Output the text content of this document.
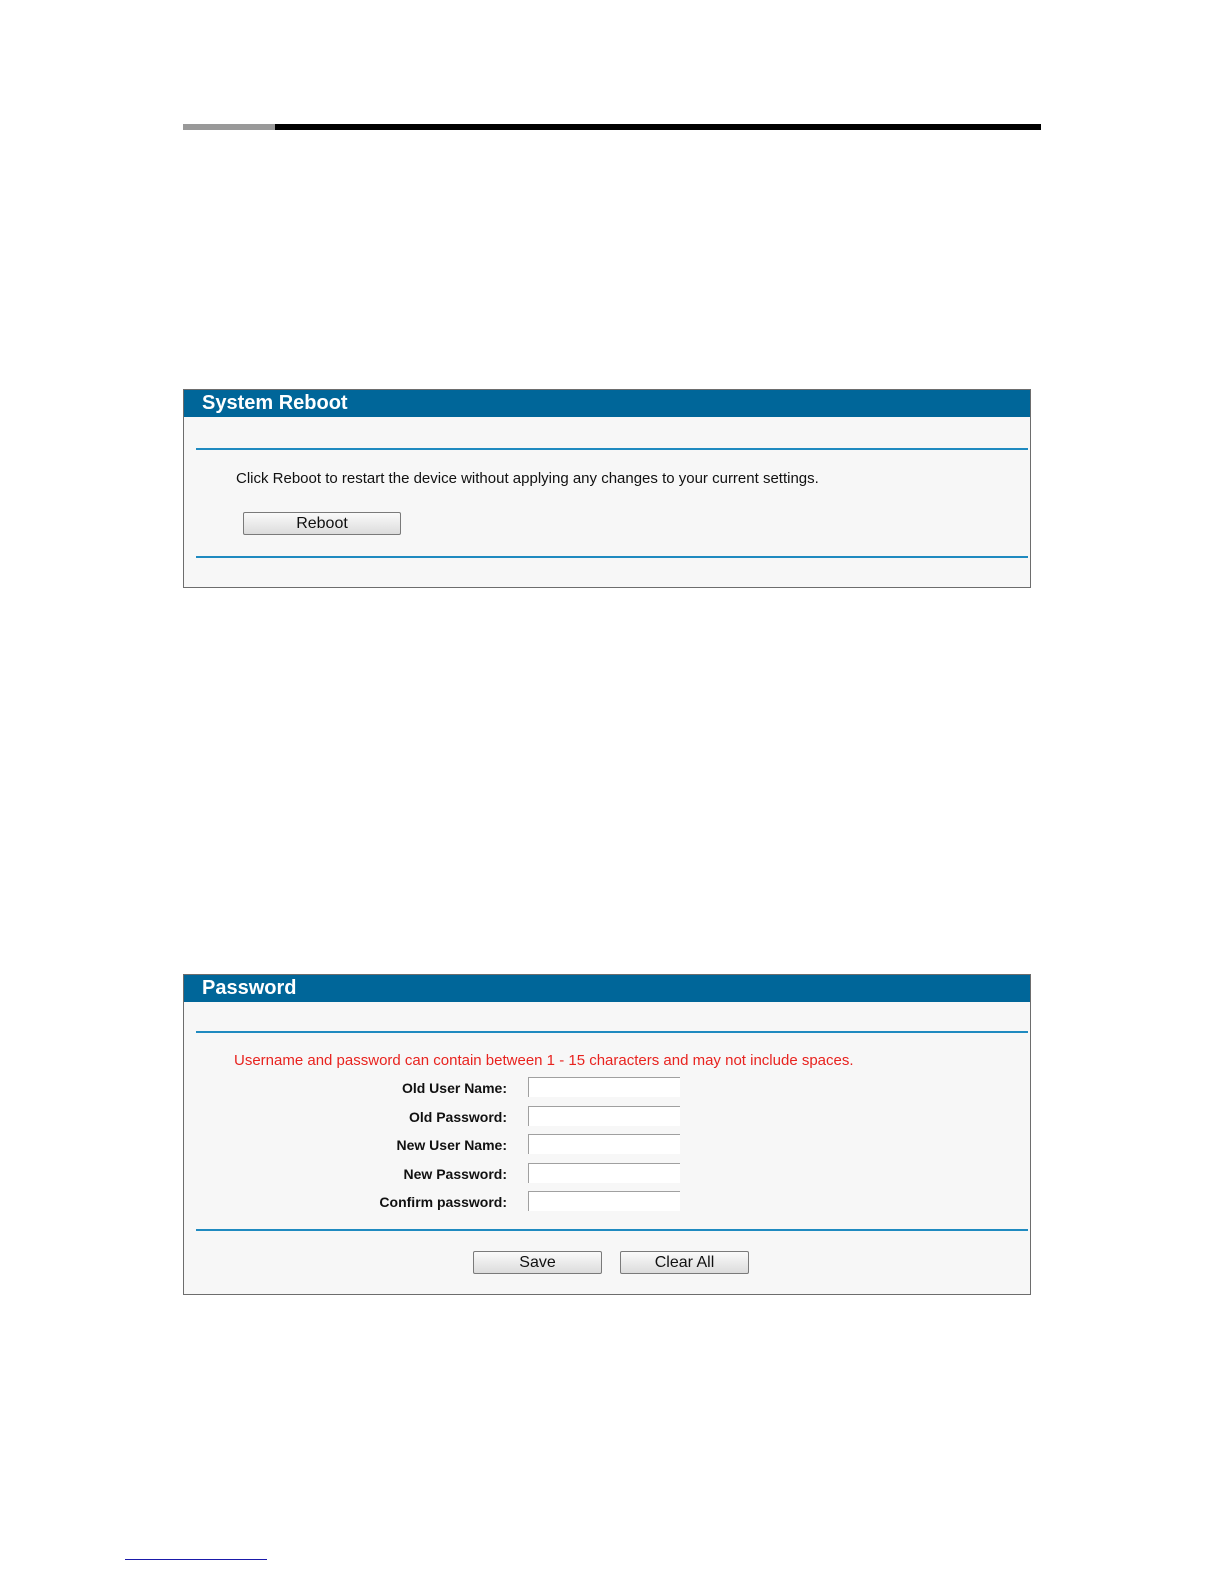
System Reboot
Click Reboot to restart the device without applying any changes to your current settings.
Reboot
Password
Username and password can contain between 1 - 15 characters and may not include spaces.
Old User Name:
Old Password:
New User Name:
New Password:
Confirm password:
Save	Clear All
